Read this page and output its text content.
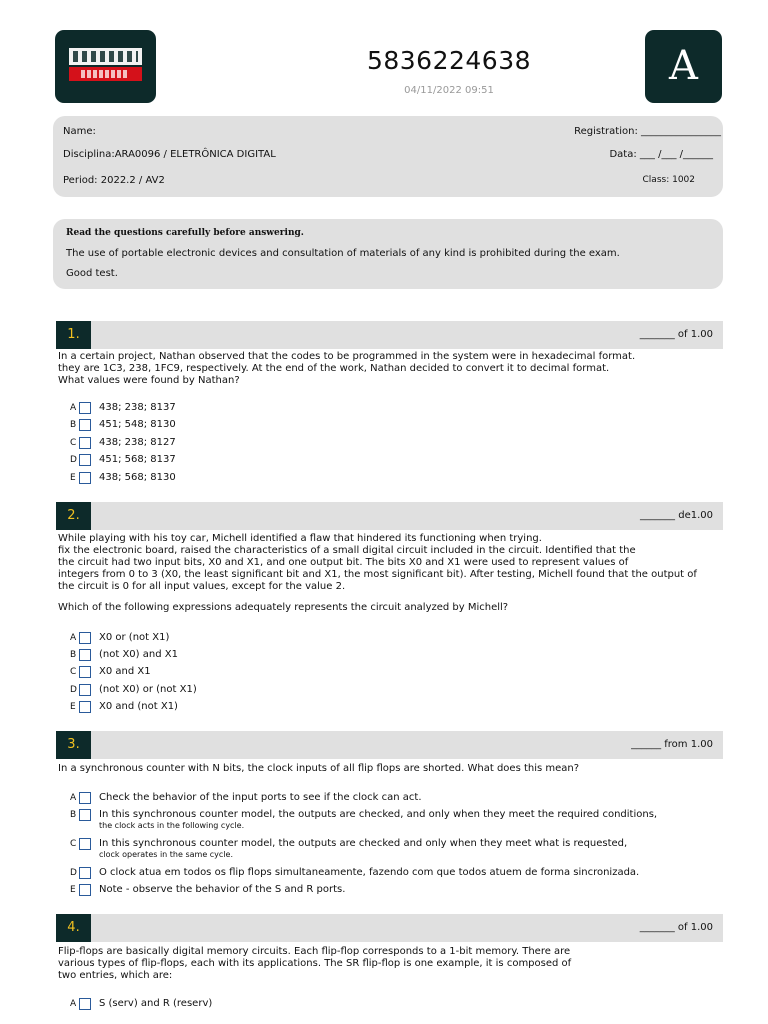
5836224638
04/11/2022 09:51
A
Name:	Registration: ________________
Disciplina:ARA0096 / ELETRÔNICA DIGITAL	Data: ___ /___ /______
Period: 2022.2 / AV2	Class: 1002
Read the questions carefully before answering.
The use of portable electronic devices and consultation of materials of any kind is prohibited during the exam.
Good test.
1.	_______ of 1.00
In a certain project, Nathan observed that the codes to be programmed in the system were in hexadecimal format.
they are 1C3, 238, 1FC9, respectively. At the end of the work, Nathan decided to convert it to decimal format.
What values were found by Nathan?
A 438; 238; 8137
B 451; 548; 8130
C 438; 238; 8127
D 451; 568; 8137
E 438; 568; 8130
2.	_______ de1.00
While playing with his toy car, Michell identified a flaw that hindered its functioning when trying.
fix the electronic board, raised the characteristics of a small digital circuit included in the circuit. Identified that the
the circuit had two input bits, X0 and X1, and one output bit. The bits X0 and X1 were used to represent values of
integers from 0 to 3 (X0, the least significant bit and X1, the most significant bit). After testing, Michell found that the output of
the circuit is 0 for all input values, except for the value 2.
Which of the following expressions adequately represents the circuit analyzed by Michell?
A X0 or (not X1)
B (not X0) and X1
C X0 and X1
D (not X0) or (not X1)
E X0 and (not X1)
3.	______ from 1.00
In a synchronous counter with N bits, the clock inputs of all flip flops are shorted. What does this mean?
A Check the behavior of the input ports to see if the clock can act.
B In this synchronous counter model, the outputs are checked, and only when they meet the required conditions,
the clock acts in the following cycle.
C In this synchronous counter model, the outputs are checked and only when they meet what is requested,
clock operates in the same cycle.
D O clock atua em todos os flip flops simultaneamente, fazendo com que todos atuem de forma sincronizada.
E Note - observe the behavior of the S and R ports.
4.	_______ of 1.00
Flip-flops are basically digital memory circuits. Each flip-flop corresponds to a 1-bit memory. There are
various types of flip-flops, each with its applications. The SR flip-flop is one example, it is composed of
two entries, which are:
A S (serv) and R (reserv)
